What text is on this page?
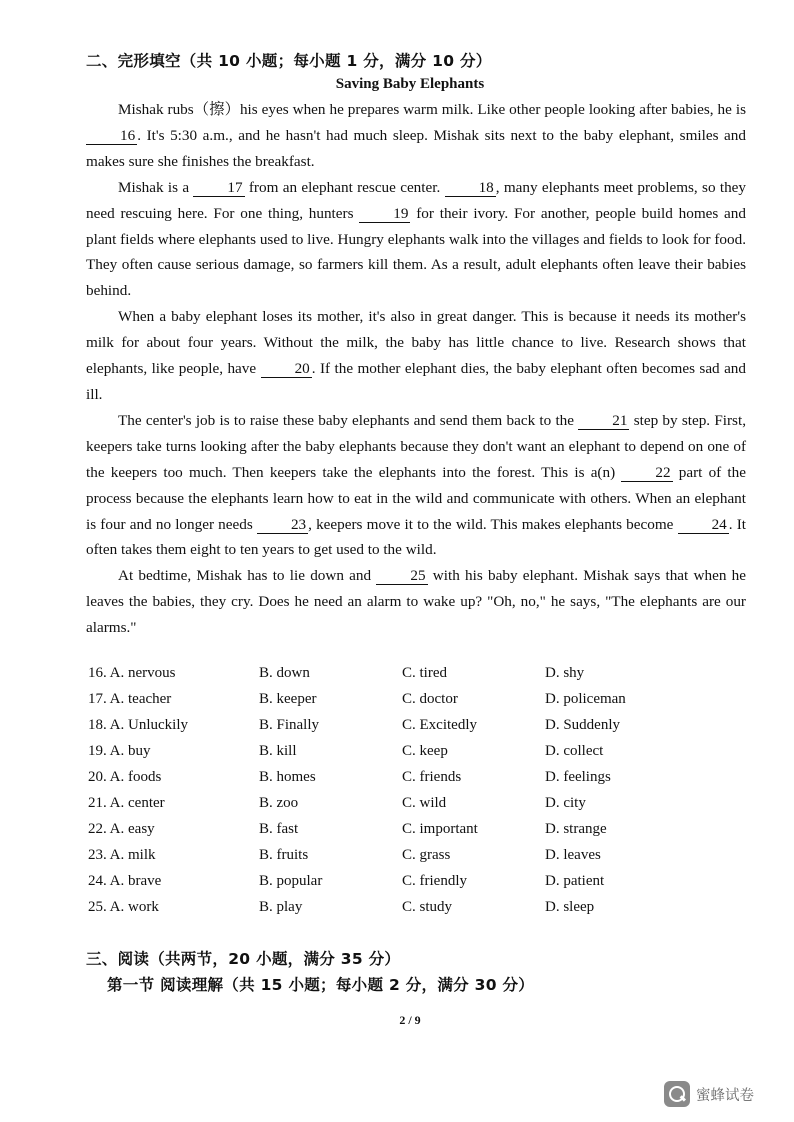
二、完形填空（共 10 小题；每小题 1 分，满分 10 分）
Saving Baby Elephants

Mishak rubs（擦）his eyes when he prepares warm milk. Like other people looking after babies, he is 16 . It's 5:30 a.m., and he hasn't had much sleep. Mishak sits next to the baby elephant, smiles and makes sure she finishes the breakfast.

Mishak is a 17 from an elephant rescue center. 18 , many elephants meet problems, so they need rescuing here. For one thing, hunters 19 for their ivory. For another, people build homes and plant fields where elephants used to live. Hungry elephants walk into the villages and fields to look for food. They often cause serious damage, so farmers kill them. As a result, adult elephants often leave their babies behind.

When a baby elephant loses its mother, it's also in great danger. This is because it needs its mother's milk for about four years. Without the milk, the baby has little chance to live. Research shows that elephants, like people, have 20 . If the mother elephant dies, the baby elephant often becomes sad and ill.

The center's job is to raise these baby elephants and send them back to the 21 step by step. First, keepers take turns looking after the baby elephants because they don't want an elephant to depend on one of the keepers too much. Then keepers take the elephants into the forest. This is a(n) 22 part of the process because the elephants learn how to eat in the wild and communicate with others. When an elephant is four and no longer needs 23 , keepers move it to the wild. This makes elephants become 24 . It often takes them eight to ten years to get used to the wild.

At bedtime, Mishak has to lie down and 25 with his baby elephant. Mishak says that when he leaves the babies, they cry. Does he need an alarm to wake up? "Oh, no," he says, "The elephants are our alarms."

16. A. nervous	B. down	C. tired	D. shy
17. A. teacher	B. keeper	C. doctor	D. policeman
18. A. Unluckily	B. Finally	C. Excitedly	D. Suddenly
19. A. buy	B. kill	C. keep	D. collect
20. A. foods	B. homes	C. friends	D. feelings
21. A. center	B. zoo	C. wild	D. city
22. A. easy	B. fast	C. important	D. strange
23. A. milk	B. fruits	C. grass	D. leaves
24. A. brave	B. popular	C. friendly	D. patient
25. A. work	B. play	C. study	D. sleep
三、阅读（共两节，20 小题，满分 35 分）
第一节 阅读理解（共 15 小题；每小题 2 分，满分 30 分）
2 / 9
蜜蜂试卷
